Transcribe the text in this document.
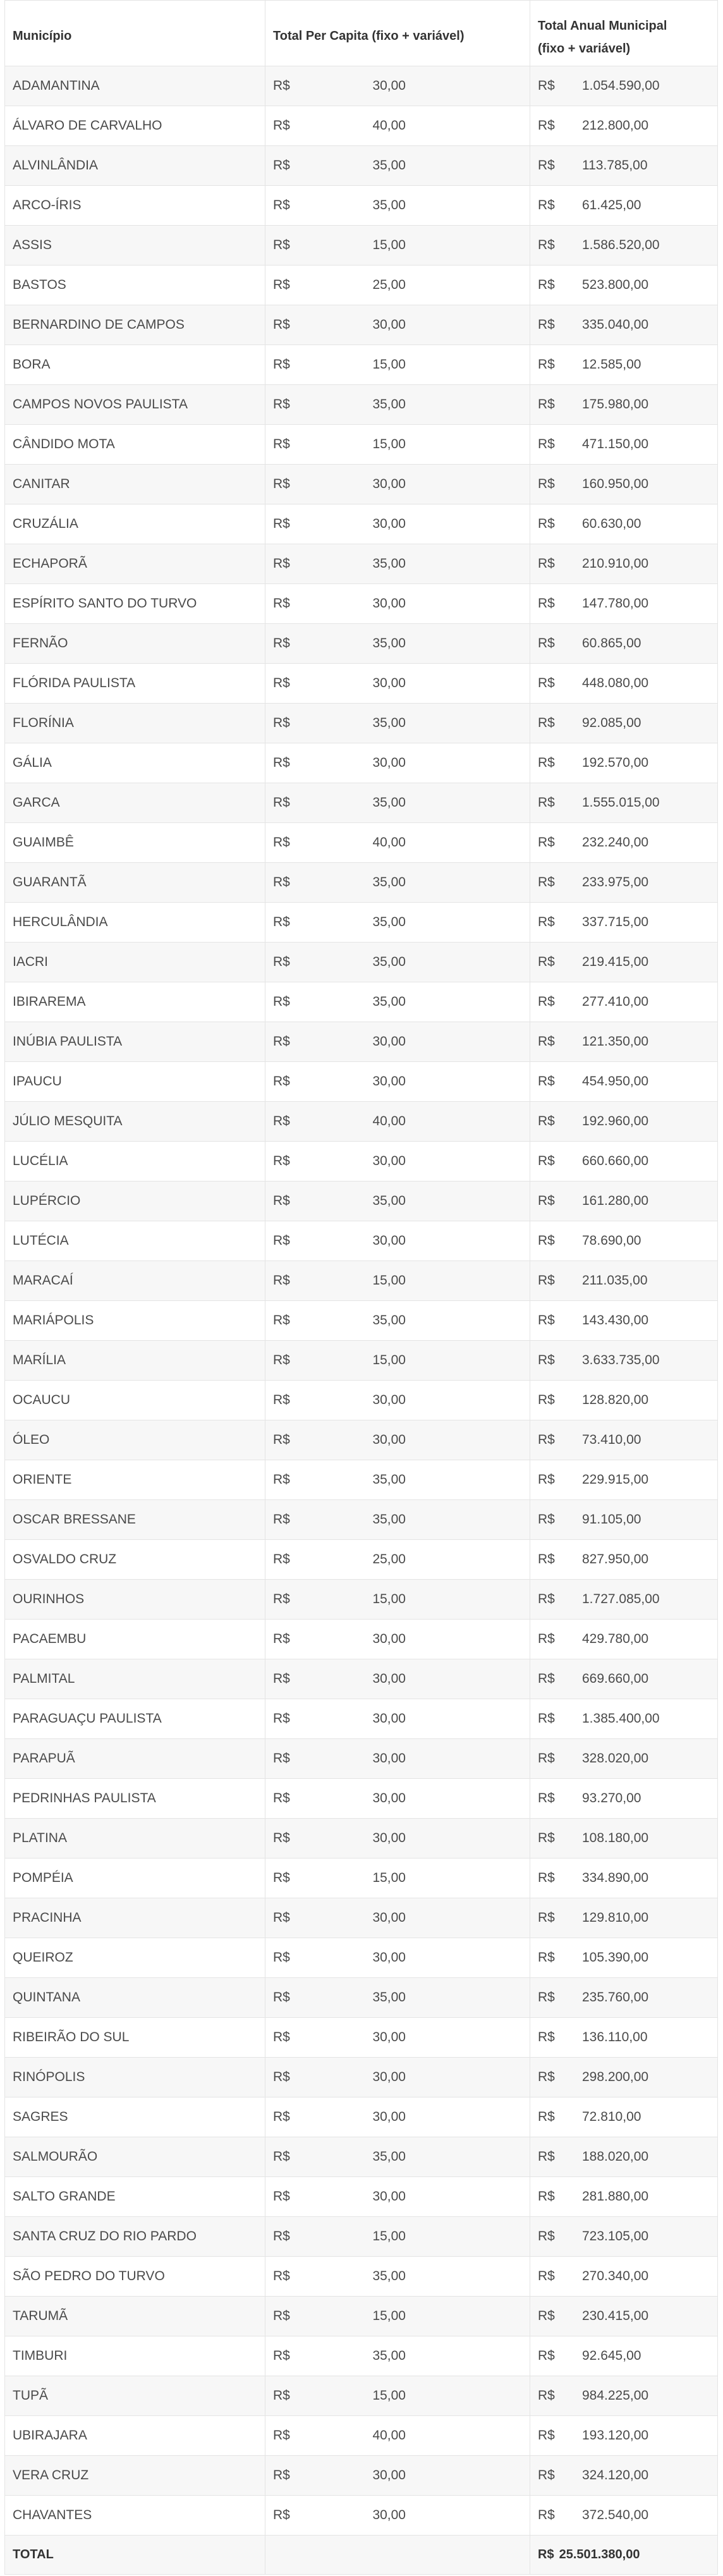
Município	Total Per Capita (fixo + variável)	Total Anual Municipal
(fixo + variável)
ADAMANTINA	R$ 30,00	R$ 1.054.590,00
ÁLVARO DE CARVALHO	R$ 40,00	R$ 212.800,00
ALVINLÂNDIA	R$ 35,00	R$ 113.785,00
ARCO-ÍRIS	R$ 35,00	R$ 61.425,00
ASSIS	R$ 15,00	R$ 1.586.520,00
BASTOS	R$ 25,00	R$ 523.800,00
BERNARDINO DE CAMPOS	R$ 30,00	R$ 335.040,00
BORA	R$ 15,00	R$ 12.585,00
CAMPOS NOVOS PAULISTA	R$ 35,00	R$ 175.980,00
CÂNDIDO MOTA	R$ 15,00	R$ 471.150,00
CANITAR	R$ 30,00	R$ 160.950,00
CRUZÁLIA	R$ 30,00	R$ 60.630,00
ECHAPORÃ	R$ 35,00	R$ 210.910,00
ESPÍRITO SANTO DO TURVO	R$ 30,00	R$ 147.780,00
FERNÃO	R$ 35,00	R$ 60.865,00
FLÓRIDA PAULISTA	R$ 30,00	R$ 448.080,00
FLORÍNIA	R$ 35,00	R$ 92.085,00
GÁLIA	R$ 30,00	R$ 192.570,00
GARCA	R$ 35,00	R$ 1.555.015,00
GUAIMBÊ	R$ 40,00	R$ 232.240,00
GUARANTÃ	R$ 35,00	R$ 233.975,00
HERCULÂNDIA	R$ 35,00	R$ 337.715,00
IACRI	R$ 35,00	R$ 219.415,00
IBIRAREMA	R$ 35,00	R$ 277.410,00
INÚBIA PAULISTA	R$ 30,00	R$ 121.350,00
IPAUCU	R$ 30,00	R$ 454.950,00
JÚLIO MESQUITA	R$ 40,00	R$ 192.960,00
LUCÉLIA	R$ 30,00	R$ 660.660,00
LUPÉRCIO	R$ 35,00	R$ 161.280,00
LUTÉCIA	R$ 30,00	R$ 78.690,00
MARACAÍ	R$ 15,00	R$ 211.035,00
MARIÁPOLIS	R$ 35,00	R$ 143.430,00
MARÍLIA	R$ 15,00	R$ 3.633.735,00
OCAUCU	R$ 30,00	R$ 128.820,00
ÓLEO	R$ 30,00	R$ 73.410,00
ORIENTE	R$ 35,00	R$ 229.915,00
OSCAR BRESSANE	R$ 35,00	R$ 91.105,00
OSVALDO CRUZ	R$ 25,00	R$ 827.950,00
OURINHOS	R$ 15,00	R$ 1.727.085,00
PACAEMBU	R$ 30,00	R$ 429.780,00
PALMITAL	R$ 30,00	R$ 669.660,00
PARAGUAÇU PAULISTA	R$ 30,00	R$ 1.385.400,00
PARAPUÃ	R$ 30,00	R$ 328.020,00
PEDRINHAS PAULISTA	R$ 30,00	R$ 93.270,00
PLATINA	R$ 30,00	R$ 108.180,00
POMPÉIA	R$ 15,00	R$ 334.890,00
PRACINHA	R$ 30,00	R$ 129.810,00
QUEIROZ	R$ 30,00	R$ 105.390,00
QUINTANA	R$ 35,00	R$ 235.760,00
RIBEIRÃO DO SUL	R$ 30,00	R$ 136.110,00
RINÓPOLIS	R$ 30,00	R$ 298.200,00
SAGRES	R$ 30,00	R$ 72.810,00
SALMOURÃO	R$ 35,00	R$ 188.020,00
SALTO GRANDE	R$ 30,00	R$ 281.880,00
SANTA CRUZ DO RIO PARDO	R$ 15,00	R$ 723.105,00
SÃO PEDRO DO TURVO	R$ 35,00	R$ 270.340,00
TARUMÃ	R$ 15,00	R$ 230.415,00
TIMBURI	R$ 35,00	R$ 92.645,00
TUPÃ	R$ 15,00	R$ 984.225,00
UBIRAJARA	R$ 40,00	R$ 193.120,00
VERA CRUZ	R$ 30,00	R$ 324.120,00
CHAVANTES	R$ 30,00	R$ 372.540,00
TOTAL		R$ 25.501.380,00
